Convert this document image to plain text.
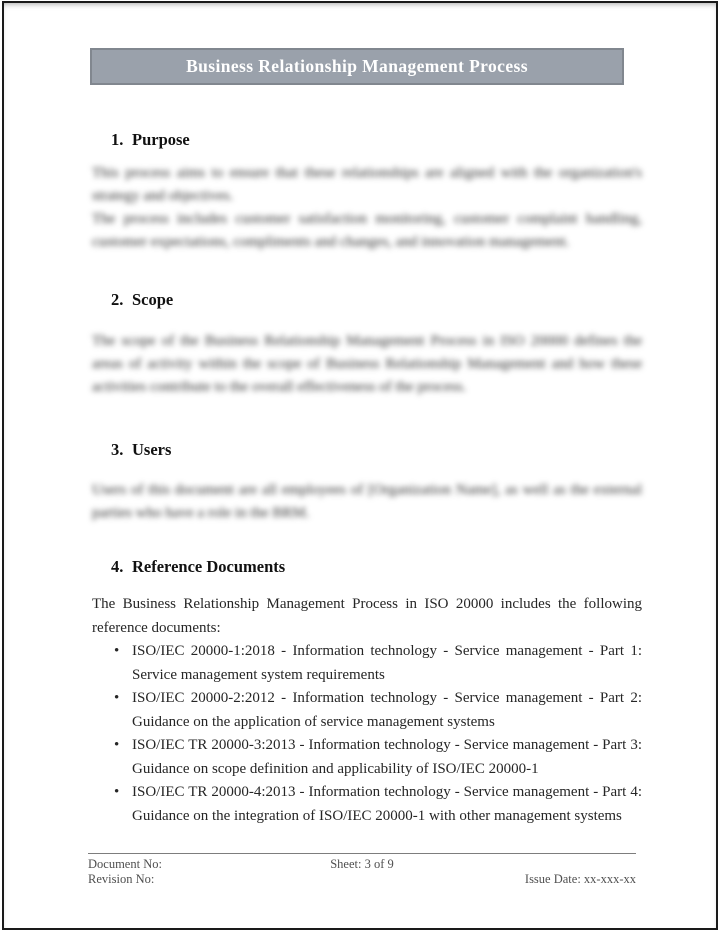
Business Relationship Management Process
1. Purpose

This process aims to ensure that these relationships are aligned with the organization's strategy and objectives.

The process includes customer satisfaction monitoring, customer complaint handling, customer expectations, compliments and changes, and innovation management.

2. Scope

The scope of the Business Relationship Management Process in ISO 20000 defines the areas of activity within the scope of Business Relationship Management and how these activities contribute to the overall effectiveness of the process.

3. Users

Users of this document are all employees of [Organization Name], as well as the external parties who have a role in the BRM.

4. Reference Documents

The Business Relationship Management Process in ISO 20000 includes the following reference documents:

• ISO/IEC 20000-1:2018 - Information technology - Service management - Part 1: Service management system requirements
• ISO/IEC 20000-2:2012 - Information technology - Service management - Part 2: Guidance on the application of service management systems
• ISO/IEC TR 20000-3:2013 - Information technology - Service management - Part 3: Guidance on scope definition and applicability of ISO/IEC 20000-1
• ISO/IEC TR 20000-4:2013 - Information technology - Service management - Part 4: Guidance on the integration of ISO/IEC 20000-1 with other management systems
Document No:	Sheet: 3 of 9
Revision No:	Issue Date: xx-xxx-xx
